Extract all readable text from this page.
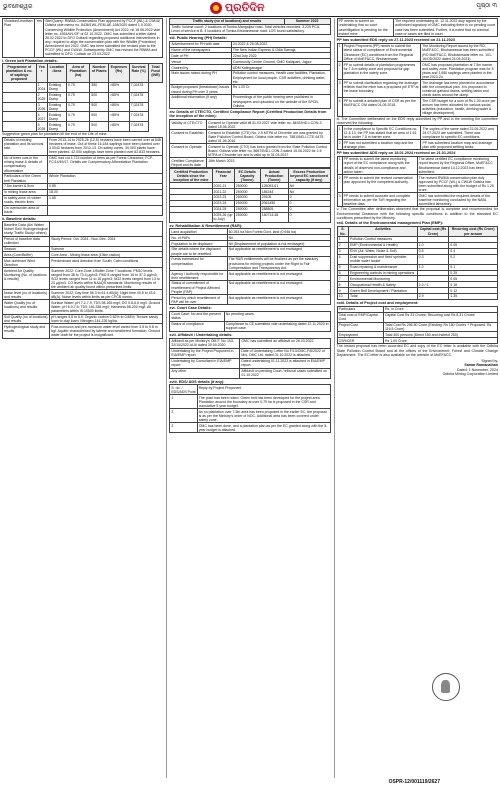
ଭୁବନେଶ୍ୱର	ପ୍ରତିଦିନ	ପୃଷ୍ଠା ୩
Violation/Lessthan Plan	Yes	Site/Quarry: RWMA Conservation Plan approved by PCCF (WL) & CWLW; Odisha vide memo no. 8436/1WL-FEM-AE-158/2020 dated 1.9.2020. Conserving Wildlife Protection (Amendment) Act 2022, nit 18.06.2022 vide letter no. 4934/WL/OF of 02.10.2022. OMC has submitted a letter dated 28.02.2022 to DFO Cuttack regarding proposed additional interventions in any; required to align the conservation plan with the Wildlife (Protection) Amendment Act 2022. OMC has been submitted the revised plan to the PCCF (WL) and CWLW. Subsequently OMC has revised the RWMA and submitted to DFO, Cuttack on 23.03.2022.
i. Green belt Plantation details:
Programme of plantation & no. of saplings proposed	Yea r	Location /Area	Area of Plantation (ha)	Number of Plants	Expenses (Rs)	Survival Rate (%)	Total Fund (INR)
	1 2024	Existing Dump	0.75	350	>85%	7,02478	
	2 2025	Existing Dump	0.75	500	>85%	7,02478	
	3 2026	Existing Dump	0.75	500	>85%	7,02478	
	4 2027	Existing Dump	0.75	500	>85%	7,02478	
	5 2028	Existing Dump	0.75	500	>85%	7,02478	
Suggestive green plan for plantation till the end of the Life of mine.
Details of existing plantation and its survival rate	From 2013-14 to 2025-26 (12.5) hectares have been carried over at 548 hectares of lease. Out of these 16,184 saplings have been planted over 3.0043 hectares from 2012-13. On safety zones, 30,000 plants have been planted. 42,000 saplings have been planted over 62.833 hectares.
No of trees cuts in the mining lease & details of compensatory afforestation	OMC had cut 4,723 number of trees as per Forest Clearance, FCP-FC/14/45/17. Details are Compensatory Afforestation Plantation.
Particulars of the Green belt Plantation	Whole Plantation
7.5m barrier & 5cm	0.85
In mining lease area	18.00
In safety zone of rubber roads, electric lines	1.65
On overburden area of tracts	
ii. Baseline details:
Baseline Data (Air/ Water/ Noise/ Soil/ Hydrogeological study/ Traffic Study/ others)	
Period of baseline data collection	Study Period: Oct. 2024 - Nov.-Dec. 2024
Season	Summer
Area (Core/Buffer)	Core Area - Mining lease area (10km radius)
Max dominant Wind Direction	Predominant wind direction from South; Calm conditions
Ambient Air Quality Monitoring (No. of locations & results)	Summer 2022: Core Zone 1/Buffer Zone 7 locations. PM10 levels ranged from 38 to 73.4 µg/m3; PM2.5 ranged from 16 to 37.0 µg/m3; SO2 levels ranged from 11 to 16 µg/m3; NO2 levels ranged from 13 to 20 µg/m3. CO levels within NAAQS standards. Monitoring results of the ambient air quality found within prescribed limits.
Noise level (no of locations) and results	Summer 2022: Day time 56.3 to 61.4 dB(A); Night time 40.8 to 43.6 dB(A). Noise levels within limits as per CPCB norms.
Water Quality (no of locations) and results	Surface Water: pH 7.2-7.9; TDS 98-165 mg/l; DO 5.8-6.6 mg/l. Ground Water: pH 6.9-7.6; TDS 146-338 mg/l; Hardness 88-200 mg/l. All parameters within IS:10500 limits.
Soil Quality (no of locations) and results	pH ranges 5.8 to 6.9; Organic carbon 0.52% to 0.88%; Texture sandy loam to clay loam; Nitrogen 144-226 kg/ha.
Hydrogeological study and results	Post-monsoon and pre-monsoon water level varied from 3.5 to 9.8 m bgl. Aquifer characterised by laterite and weathered formation. Ground water draft for the project is insignificant.
Traffic study (no of locations) and results	Summer 2022
Traffic Volume count: 2 locations of Tomka-Mangalpur road. Total vehicles recorded: 3,225 PCU. Level of service is B. 4 locations of Tomka-Bhubaneswar road. LOS found satisfactory.
xiii. Public Hearing (PH) Details:
Advertisement for PH with date	24.2022 & 26.08.2022
Name of the newspapers	The New Indian Express & Odia Samaja
Date of PH	22nd July 2022
Venue	Community Centre Ground, OMC Kaliapani, Jajpur
Chaired by	ADM Kalinganagar
Main issues raised during PH	Pollution control measures, Health care facilities, Plantation, Employment for local people, CSR activities, drinking water, etc.
Budget proposed (breakdown) issues raised during PH over 3 years	Rs 1.00 Cr
Additional information (If any)	Proceedings of the public hearing were published in newspapers and uploaded on the website of the SPCB, Odisha.
xiv. Details of CTE/CTO, Certified Compliance Report (Certified Production Details from the inception of the mine):
Validity of CTE/CTO	Consent to Operate valid till 31.03.2027 vide letter no. 8492/IND-I-CON-3 dated 15.06.2022
Consent to Establish	Consent to Establish (CTE) No. 2.5 MTPA of Chromite ore was granted by State Pollution Control Board, Odisha vide letter no. 7581/IND-I-CTE-6475 dated 01.06.2016
Consent to Operate	Consent to Operate (CTO) has been granted from the State Pollution Control Board, Odisha vide letter no. 8667/IND-I-CON-3 dated 15.06.2022 for 2.5 MTPA of Chromite ore and is valid up to 31.03.2027.
Certified Compliance Report and its date	16th March 2023
Certified Production Details since the inception of the mine	Financial Year	EC Details Capacity (Tonne)	Actual Production (Tonne)	Excess Production beyond EC sanctioned capacity (if any)
	2020-21	250000	125093.61	Nil
	2021-22	250000	185244	Nil
	2022-23	250000	29105	0
	2023-24	250000	2061450	0
	2024-25	250000	288805	0
	2025-26 (up to July)	250000	160714.48	0
xv. Rehabilitation & Resettlement (R&R):
Land acquisition	60.253 ha Non Forest Govt. land (0.946 ha)
No. of PAFs	Nil
Population to be displaced	Nil (Displacement of population is not envisaged)
Site details where the displaced people are to be resettled	Not applicable as resettlement is not envisaged
Funds earmarked for compensation	The R&R entitlements will be finalized as per the statutory provisions for mining projects under the Right to Fair Compensation and Transparency Act.
Agency / Authority responsible for their resettlement	Not applicable as resettlement is not envisaged.
Status of commitment of resettlement of Project Affected People (PAP)	Not applicable as resettlement is not envisaged.
Period by which resettlement of PAP will be over	Not applicable as resettlement is not envisaged.
xvi. Court Case Details:
Court Case: No and the present status	No pending cases
Status of compliance	Compliance to CE submitted vide undertaking dated 12.11.2020 in support case
xvii. Affidavit / Undertaking details:
Affidavit as per Ministry's OM F. No. IA3-22/10/2022-IA.III dated 30.09.2020	OMC has submitted an affidavit on 26.03.2022
Undertaking by the Project Proponent in EIA/EMP report	Date of Undertaking: Letter No.F/13/OMC-F/6/2022 of M/s. OMC Ltd. dated 01.10.2022 is attached.
Undertaking by Consultant in EIA/EMP report	Dated undertaking 01.11.2022 is attached in EIA/EMP report.
Any other	Affidavit on pending Court / tribunal cases submitted on 01.10.2022
xviii. EDS/ ADS details (if any):
S. no. / EDS/ADS Point	Reply by Project Proponent
1	The point has been noted. Green belt has been developed for the project area. Plantation around the boundary at over 0.75 ha is proposed in the CSR and cumulative 5 year budget.
2	As no plantation over 7.5m area has been proposed in the earlier EC, the proposal is as per the Ministry's order of NOC. Additional area has been covered under safety zone.
3	OMC has been done, and a plantation plan as per the EC granted along with the 5-year budget is attached.
PP needs to submit an undertaking that no court case/litigation is pending for the instant mine.	The required undertaking dt. 12.11.2022 duly signed by the authorized signatory of OMC indicating there is no pending court case has been submitted. Further, it is noted that no criminal case or cases are filed in court.
PP has submitted EDS reply on 27.11.2023 received on 21.11.2023
1	Project Proponent (PP) needs to submit the latest status of compliance of Environmental Clearance (EC) conditions from the Regional Office of MoEF&CC, Bhubaneswar.	The Monitoring Report issued by the RO, MoEF&CC, Bhubaneswar has been submitted (RO MoEF&CC, Bhubaneswar letter no. 101-16/OD/2022 dated 24.05.2023).
2	PP to submit details of plantation programmes for 7.5 m safety zone and proposal for gap plantation in the safety zone.	OMC has proposed plantation at 7.5m barrier and safety zone. Plantation program was for 5 years and 1,650 saplings were planted in the year 2023-24.
3	PP to submit clarification regarding the drainage reflects that the mine has a proposed pit/ ETP at the lease boundary.	The drainage has been planned in accordance with the conceptual plan. It is proposed to construct garland drains, settling tanks and check dams around the dump.
4	PP to submit a detailed plan of CSR as per the MoEF&CC OM dated 01.05.2018.	The CSR budget for a sum of Rs 1.00 crore per annum has been allocated for various social activities (education, health, drinking water & village development).
iii. The Committee deliberated on the EDS reply submitted by PP and in the meeting the committee observed the following:
1	In the compliance to Specific EC Conditions no. 12 & 13, the PP has stated that an area of 1.61 ha is under 7.5 m barrier zone.	The copies of the same dated 22.06.2022 and 24.07.2023 are submitted. There was compliance to specific EC conditions.
2	PP has not submitted a location map and the drainage plan.	PP has submitted location map and drainage plan with proposed settling tanks.
PP has submitted ADS reply on 18.01.2024 received on 21.01.2024
1	PP needs to submit the latest monitoring report of the EC compliance along with the details of observed non-compliance and action taken.	The latest certified EC compliance monitoring report issued by the Regional Office, MoEF&CC Bhubaneswar dated 14.12.2023 has been submitted.
2	PP needs to submit the revised conservation plan approved by the competent authority.	The revised RWMA conservation plan duly approved by PCCF (WL) & CWLW Odisha has been submitted along with the budget of Rs 1.26 crore.
3	PP needs to submit accurate and complete information as per the ToR regarding the baseline data.	OMC has submitted the required details of the baseline monitoring conducted by the NABL accredited laboratory.
v. The Committee after deliberation observed that the proposal is complete and recommended for Environmental Clearance with the following specific conditions in addition to the standard EC conditions prescribed by the Ministry.
xxii. Details of the Environmental management Plan (EMP):
S. No.	Activities	Capital cost (Rs Crore)	Recurring cost (Rs Crore) per annum
1	Pollution Control measures		
2	EMP (Environmental & Health)	1.0	0.05
3	ENV (Air, Water, Noise & Soil)	0.5	0.4
4	Dust suppression and fixed sprinkler, mobile water tanker	0.3	0.2
5	Road repairing & maintenance	1.0	0.1
6	Engineering controls in mining operations		0.25
7	Environmental Monitoring		0.05
8	Occupational Health & Safety	2.0 / 1	0.18
9	Green Belt Development / Plantation		0.12
10	Total	2.9	1.35
xxiii. Details of Project cost and employment:
Particulars	Rs. in Crore
Total cost of EMP/Capital Cost	Capital Cost Rs 23 Crores; Recurring cost Rs 8.31 Crores
Project Cost	Total Cost Rs 296.50 Crore (Existing: Rs 180 Crores + Proposed: Rs 116.5 Crore)
Employment	Total 400 persons (Direct 150 and Indirect 250)
CSR/CER	Rs 1.00 Crore
The instant proposal has been accorded EC and copy of the EC letter is available with the Odisha State Pollution Control Board and at the offices of the Environment, Forest and Climate Change Department. The EC letter is also available on the website of MoEF&CC.
Signed by,
Samar Ramanathan
Dated: 1 November, 2024
Odisha Mining Corporation Limited
OSPR-12/001119/2627
